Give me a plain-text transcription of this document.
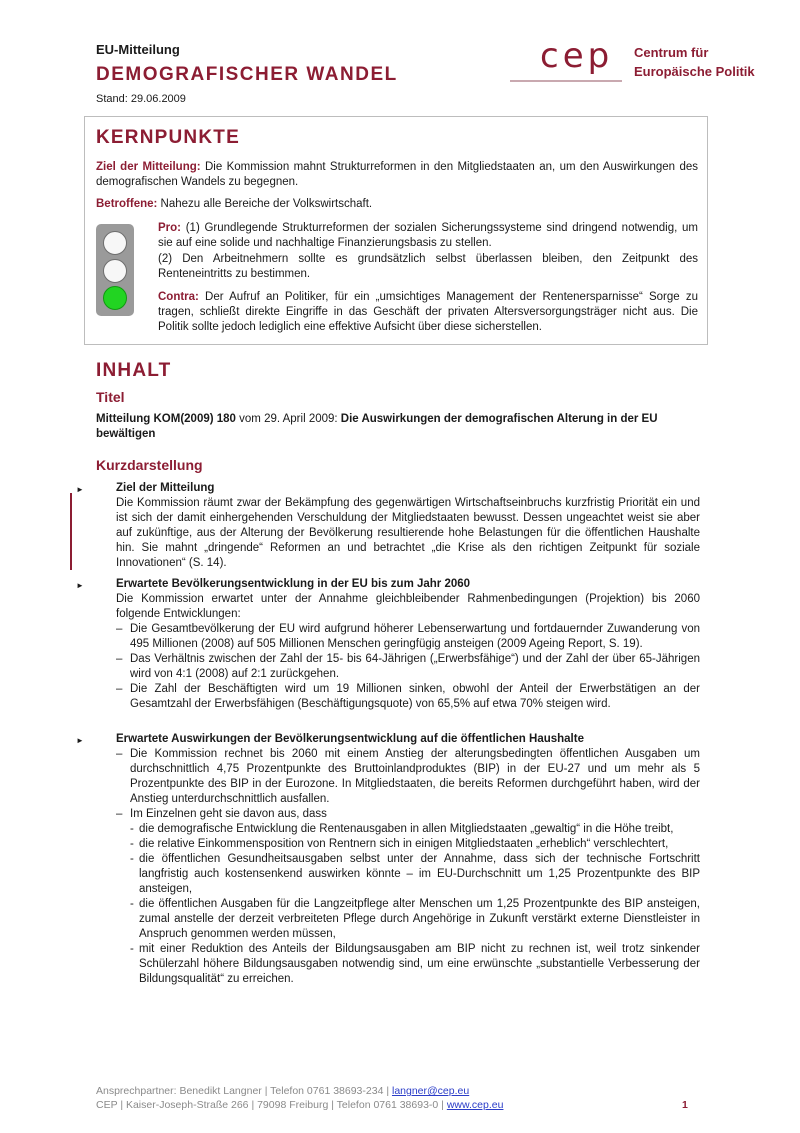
EU-Mitteilung
DEMOGRAFISCHER WANDEL
Stand: 29.06.2009
cep Centrum für
Europäische Politik
KERNPUNKTE
Ziel der Mitteilung: Die Kommission mahnt Strukturreformen in den Mitgliedstaaten an, um den Auswirkungen des demografischen Wandels zu begegnen.
Betroffene: Nahezu alle Bereiche der Volkswirtschaft.
Pro: (1) Grundlegende Strukturreformen der sozialen Sicherungssysteme sind dringend notwendig, um sie auf eine solide und nachhaltige Finanzierungsbasis zu stellen.
(2) Den Arbeitnehmern sollte es grundsätzlich selbst überlassen bleiben, den Zeitpunkt des Renteneintritts zu bestimmen.
Contra: Der Aufruf an Politiker, für ein „umsichtiges Management der Rentenersparnisse“ Sorge zu tragen, schließt direkte Eingriffe in das Geschäft der privaten Altersversorgungsträger nicht aus. Die Politik sollte jedoch lediglich eine effektive Aufsicht über diese sicherstellen.
INHALT
Titel
Mitteilung KOM(2009) 180 vom 29. April 2009: Die Auswirkungen der demografischen Alterung in der EU bewältigen
Kurzdarstellung
►	Ziel der Mitteilung
Die Kommission räumt zwar der Bekämpfung des gegenwärtigen Wirtschaftseinbruchs kurzfristig Priorität ein und ist sich der damit einhergehenden Verschuldung der Mitgliedstaaten bewusst. Dessen ungeachtet weist sie aber auf zukünftige, aus der Alterung der Bevölkerung resultierende hohe Belastungen für die öffentlichen Haushalte hin. Sie mahnt „dringende“ Reformen an und betrachtet „die Krise als den richtigen Zeitpunkt für soziale Innovationen“ (S. 14).
►	Erwartete Bevölkerungsentwicklung in der EU bis zum Jahr 2060
Die Kommission erwartet unter der Annahme gleichbleibender Rahmenbedingungen (Projektion) bis 2060 folgende Entwicklungen:
– Die Gesamtbevölkerung der EU wird aufgrund höherer Lebenserwartung und fortdauernder Zuwanderung von 495 Millionen (2008) auf 505 Millionen Menschen geringfügig ansteigen (2009 Ageing Report, S. 19).
– Das Verhältnis zwischen der Zahl der 15- bis 64-Jährigen („Erwerbsfähige“) und der Zahl der über 65-Jährigen wird von 4:1 (2008) auf 2:1 zurückgehen.
– Die Zahl der Beschäftigten wird um 19 Millionen sinken, obwohl der Anteil der Erwerbstätigen an der Gesamtzahl der Erwerbsfähigen (Beschäftigungsquote) von 65,5% auf etwa 70% steigen wird.
►	Erwartete Auswirkungen der Bevölkerungsentwicklung auf die öffentlichen Haushalte
– Die Kommission rechnet bis 2060 mit einem Anstieg der alterungsbedingten öffentlichen Ausgaben um durchschnittlich 4,75 Prozentpunkte des Bruttoinlandproduktes (BIP) in der EU-27 und um mehr als 5 Prozentpunkte des BIP in der Eurozone. In Mitgliedstaaten, die bereits Reformen durchgeführt haben, wird der Anstieg unterdurchschnittlich ausfallen.
– Im Einzelnen geht sie davon aus, dass
- die demografische Entwicklung die Rentenausgaben in allen Mitgliedstaaten „gewaltig“ in die Höhe treibt,
- die relative Einkommensposition von Rentnern sich in einigen Mitgliedstaaten „erheblich“ verschlechtert,
- die öffentlichen Gesundheitsausgaben selbst unter der Annahme, dass sich der technische Fortschritt langfristig auch kostensenkend auswirken könnte – im EU-Durchschnitt um 1,25 Prozentpunkte des BIP ansteigen,
- die öffentlichen Ausgaben für die Langzeitpflege alter Menschen um 1,25 Prozentpunkte des BIP ansteigen, zumal anstelle der derzeit verbreiteten Pflege durch Angehörige in Zukunft verstärkt externe Dienstleister in Anspruch genommen werden müssen,
- mit einer Reduktion des Anteils der Bildungsausgaben am BIP nicht zu rechnen ist, weil trotz sinkender Schülerzahl höhere Bildungsausgaben notwendig sind, um eine erwünschte „substantielle Verbesserung der Bildungsqualität“ zu erreichen.
Ansprechpartner: Benedikt Langner | Telefon 0761 38693-234 | langner@cep.eu
CEP | Kaiser-Joseph-Straße 266 | 79098 Freiburg | Telefon 0761 38693-0 | www.cep.eu	1
